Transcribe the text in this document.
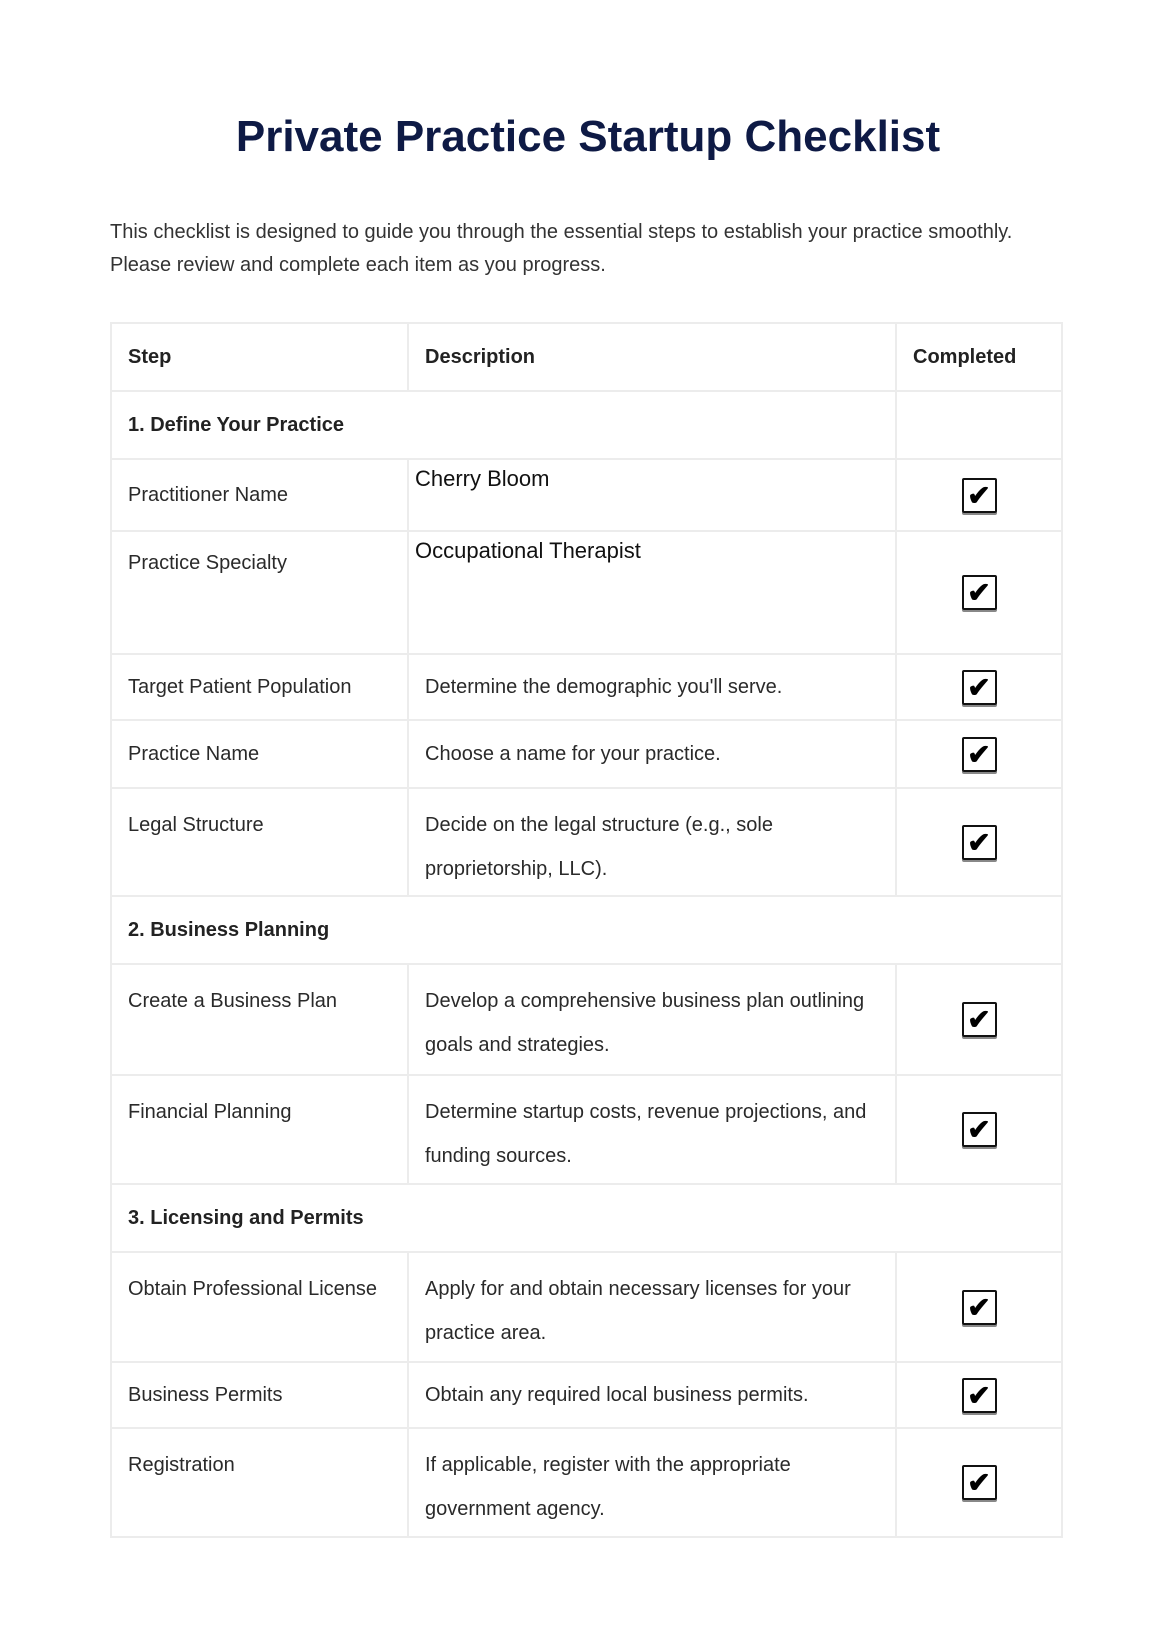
Private Practice Startup Checklist

This checklist is designed to guide you through the essential steps to establish your practice smoothly. Please review and complete each item as you progress.

Step	Description	Completed
1. Define Your Practice		
Practitioner Name	Cherry Bloom	✔
Practice Specialty	Occupational Therapist	✔
Target Patient Population	Determine the demographic you'll serve.	✔
Practice Name	Choose a name for your practice.	✔
Legal Structure	Decide on the legal structure (e.g., sole proprietorship, LLC).	✔
2. Business Planning		
Create a Business Plan	Develop a comprehensive business plan outlining goals and strategies.	✔
Financial Planning	Determine startup costs, revenue projections, and funding sources.	✔
3. Licensing and Permits		
Obtain Professional License	Apply for and obtain necessary licenses for your practice area.	✔
Business Permits	Obtain any required local business permits.	✔
Registration	If applicable, register with the appropriate government agency.	✔
